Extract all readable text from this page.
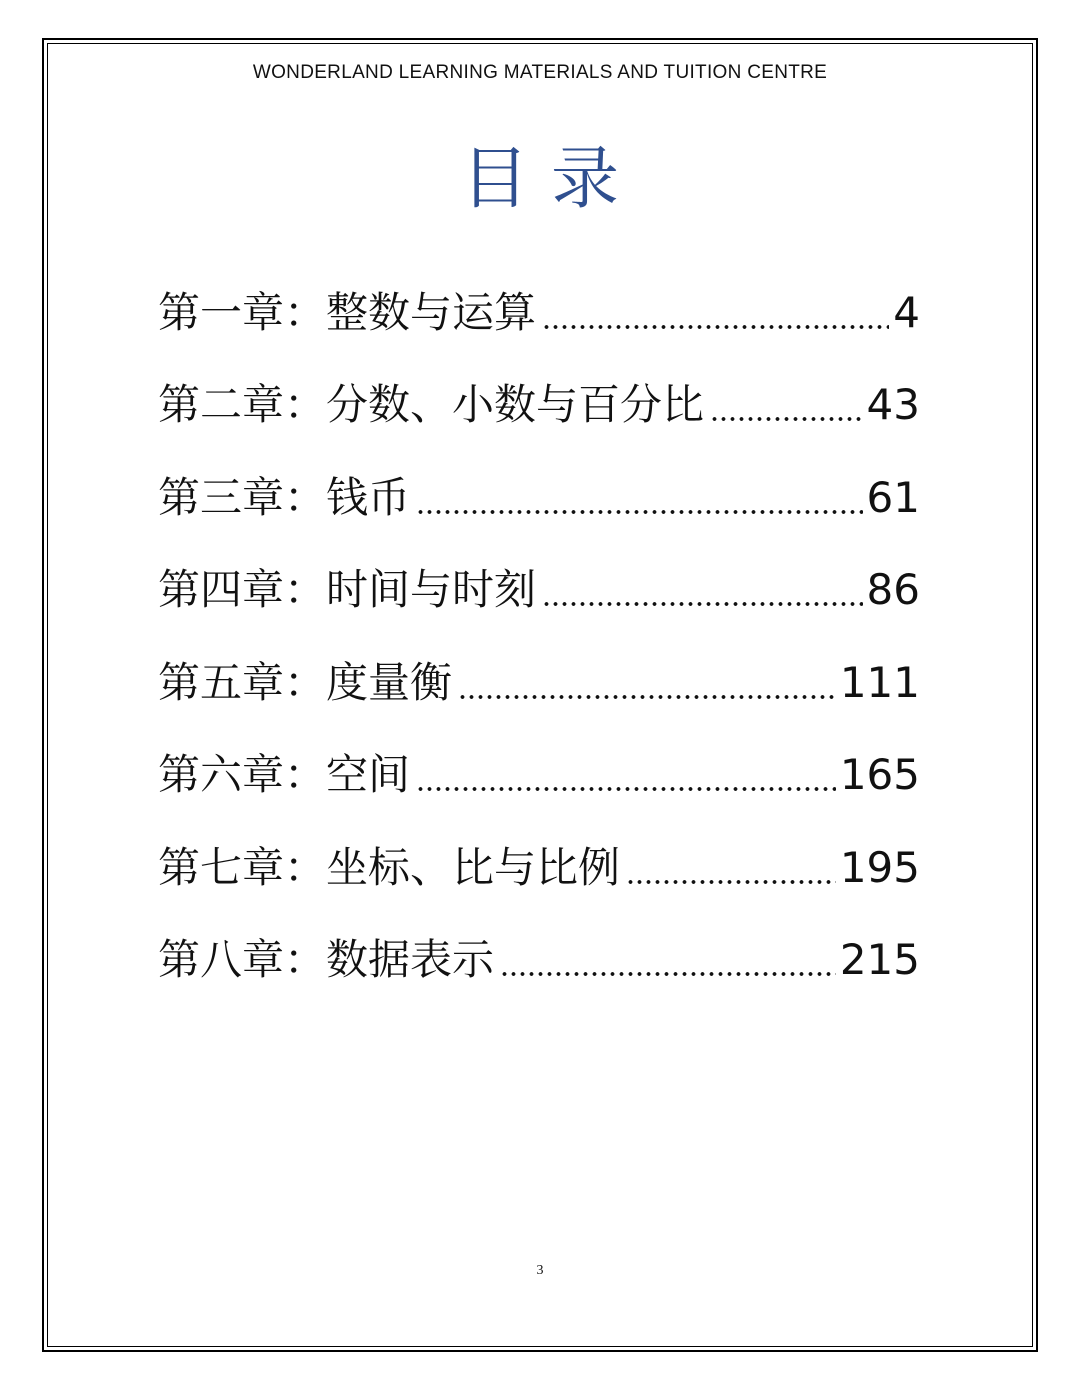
WONDERLAND LEARNING MATERIALS AND TUITION CENTRE
目录
第一章： 整数与运算	4
第二章： 分数、小数与百分比	43
第三章： 钱币	61
第四章： 时间与时刻	86
第五章： 度量衡	111
第六章： 空间	165
第七章： 坐标、比与比例	195
第八章： 数据表示	215
3
